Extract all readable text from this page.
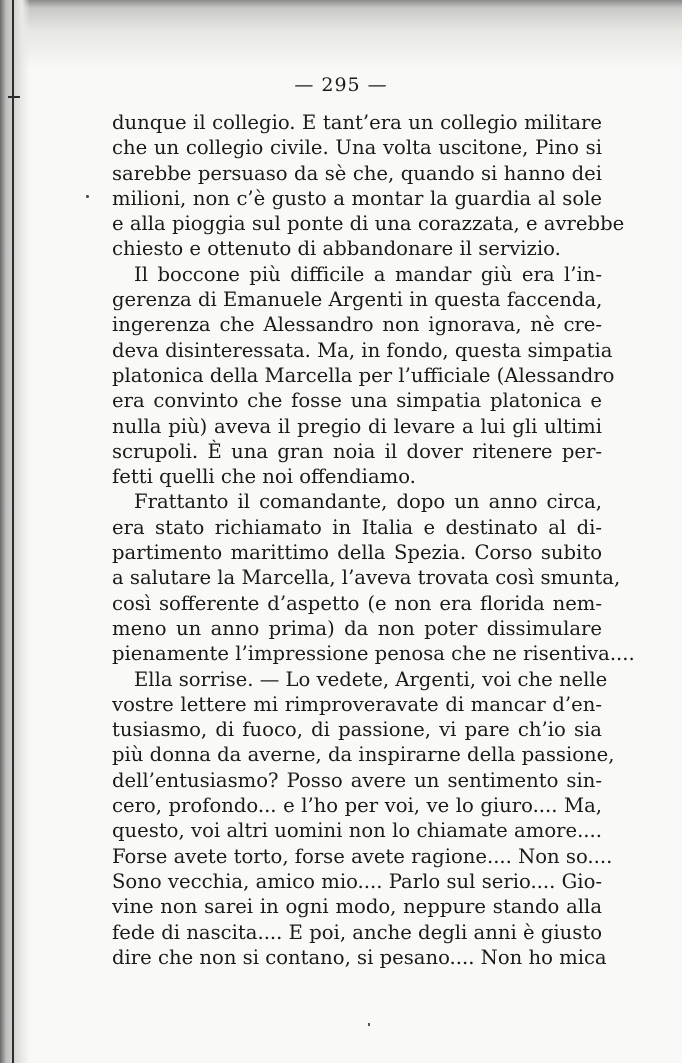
— 295 —

dunque il collegio. E tant’era un collegio militare
che un collegio civile. Una volta uscitone, Pino si
sarebbe persuaso da sè che, quando si hanno dei
milioni, non c’è gusto a montar la guardia al sole
e alla pioggia sul ponte di una corazzata, e avrebbe
chiesto e ottenuto di abbandonare il servizio.

Il boccone più difficile a mandar giù era l’in-
gerenza di Emanuele Argenti in questa faccenda,
ingerenza che Alessandro non ignorava, nè cre-
deva disinteressata. Ma, in fondo, questa simpatia
platonica della Marcella per l’ufficiale (Alessandro
era convinto che fosse una simpatia platonica e
nulla più) aveva il pregio di levare a lui gli ultimi
scrupoli. È una gran noia il dover ritenere per-
fetti quelli che noi offendiamo.

Frattanto il comandante, dopo un anno circa,
era stato richiamato in Italia e destinato al di-
partimento marittimo della Spezia. Corso subito
a salutare la Marcella, l’aveva trovata così smunta,
così sofferente d’aspetto (e non era florida nem-
meno un anno prima) da non poter dissimulare
pienamente l’impressione penosa che ne risentiva....

Ella sorrise. — Lo vedete, Argenti, voi che nelle
vostre lettere mi rimproveravate di mancar d’en-
tusiasmo, di fuoco, di passione, vi pare ch’io sia
più donna da averne, da inspirarne della passione,
dell’entusiasmo? Posso avere un sentimento sin-
cero, profondo... e l’ho per voi, ve lo giuro.... Ma,
questo, voi altri uomini non lo chiamate amore....
Forse avete torto, forse avete ragione.... Non so....
Sono vecchia, amico mio.... Parlo sul serio.... Gio-
vine non sarei in ogni modo, neppure stando alla
fede di nascita.... E poi, anche degli anni è giusto
dire che non si contano, si pesano.... Non ho mica
